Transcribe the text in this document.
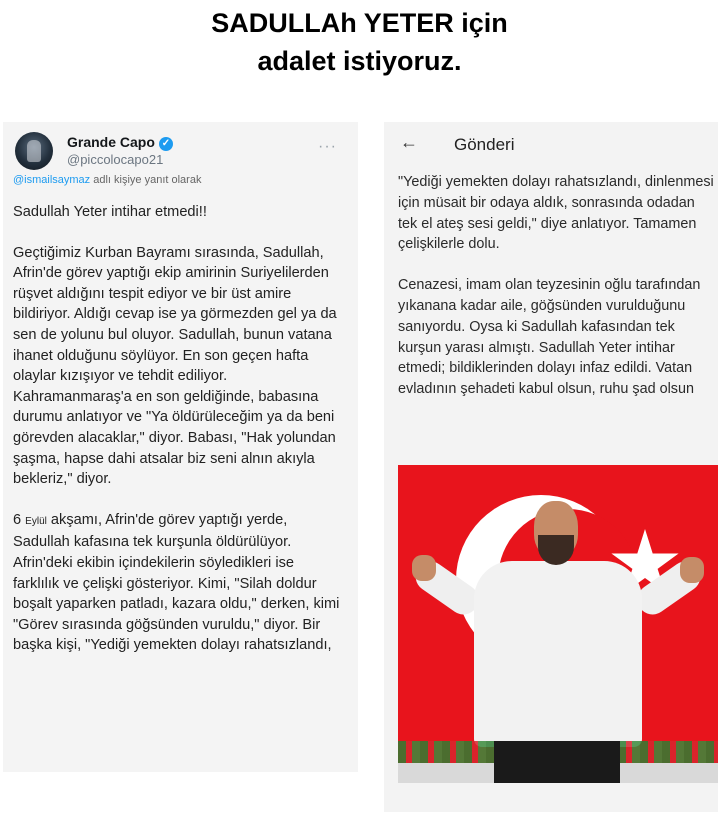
SADULLAh YETER için
adalet istiyoruz.
Grande Capo ✓
@piccolocapo21
···
@ismailsaymaz adlı kişiye yanıt olarak

Sadullah Yeter intihar etmedi!!

Geçtiğimiz Kurban Bayramı sırasında, Sadullah, Afrin'de görev yaptığı ekip amirinin Suriyelilerden rüşvet aldığını tespit ediyor ve bir üst amire bildiriyor. Aldığı cevap ise ya görmezden gel ya da sen de yolunu bul oluyor. Sadullah, bunun vatana ihanet olduğunu söylüyor. En son geçen hafta olaylar kızışıyor ve tehdit ediliyor. Kahramanmaraş'a en son geldiğinde, babasına durumu anlatıyor ve "Ya öldürüleceğim ya da beni görevden alacaklar," diyor. Babası, "Hak yolundan şaşma, hapse dahi atsalar biz seni alnın akıyla bekleriz," diyor.

6 Eylül akşamı, Afrin'de görev yaptığı yerde, Sadullah kafasına tek kurşunla öldürülüyor. Afrin'deki ekibin içindekilerin söyledikleri ise farklılık ve çelişki gösteriyor. Kimi, "Silah doldur boşalt yaparken patladı, kazara oldu," derken, kimi "Görev sırasında göğsünden vuruldu," diyor. Bir başka kişi, "Yediği yemekten dolayı rahatsızlandı,

← Gönderi

"Yediği yemekten dolayı rahatsızlandı, dinlenmesi için müsait bir odaya aldık, sonrasında odadan tek el ateş sesi geldi," diye anlatıyor. Tamamen çelişkilerle dolu.

Cenazesi, imam olan teyzesinin oğlu tarafından yıkanana kadar aile, göğsünden vurulduğunu sanıyordu. Oysa ki Sadullah kafasından tek kurşun yarası almıştı. Sadullah Yeter intihar etmedi; bildiklerinden dolayı infaz edildi. Vatan evladının şehadeti kabul olsun, ruhu şad olsun
